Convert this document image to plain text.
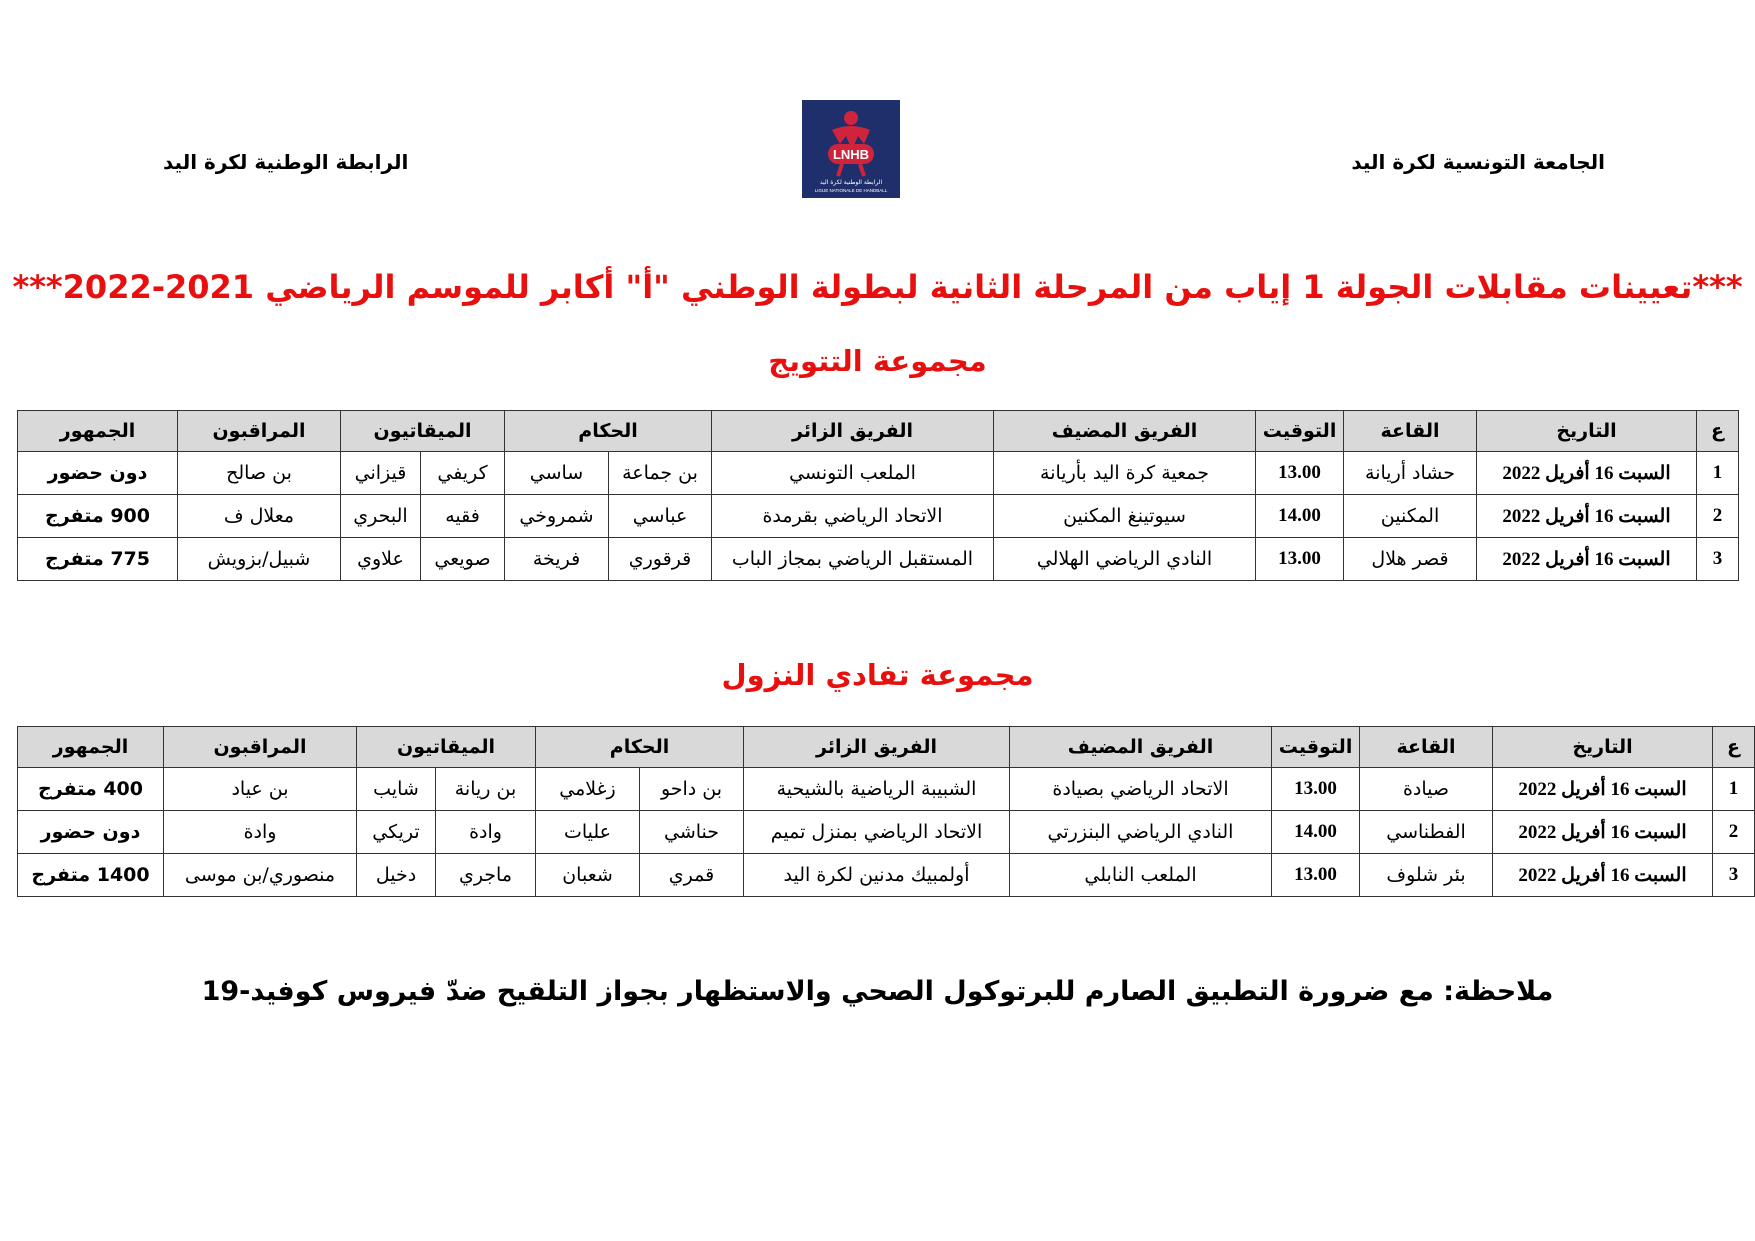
الجامعة التونسية لكرة اليد
LNHB
الرابطة الوطنية لكرة اليد
LIGUE NATIONALE DE HANDBALL
الرابطة الوطنية لكرة اليد
***تعيينات مقابلات الجولة 1 إياب من المرحلة الثانية لبطولة الوطني "أ" أكابر للموسم الرياضي 2021-2022***
مجموعة التتويج
ع	التاريخ	القاعة	التوقيت	الفريق المضيف	الفريق الزائر	الحكام		الميقاتيون		المراقبون	الجمهور
1	السبت 16 أفريل 2022	حشاد أريانة	13.00	جمعية كرة اليد بأريانة	الملعب التونسي	بن جماعة	ساسي	كريفي	قيزاني	بن صالح	دون حضور
2	السبت 16 أفريل 2022	المكنين	14.00	سيوتينغ المكنين	الاتحاد الرياضي بقرمدة	عباسي	شمروخي	فقيه	البحري	معلال ف	900 متفرج
3	السبت 16 أفريل 2022	قصر هلال	13.00	النادي الرياضي الهلالي	المستقبل الرياضي بمجاز الباب	قرقوري	فريخة	صويعي	علاوي	شبيل/بزويش	775 متفرج
مجموعة تفادي النزول
ع	التاريخ	القاعة	التوقيت	الفريق المضيف	الفريق الزائر	الحكام		الميقاتيون		المراقبون	الجمهور
1	السبت 16 أفريل 2022	صيادة	13.00	الاتحاد الرياضي بصيادة	الشبيبة الرياضية بالشيحية	بن داحو	زغلامي	بن ريانة	شايب	بن عياد	400 متفرج
2	السبت 16 أفريل 2022	الفطناسي	14.00	النادي الرياضي البنزرتي	الاتحاد الرياضي بمنزل تميم	حناشي	عليات	وادة	تريكي	وادة	دون حضور
3	السبت 16 أفريل 2022	بئر شلوف	13.00	الملعب النابلي	أولمبيك مدنين لكرة اليد	قمري	شعبان	ماجري	دخيل	منصوري/بن موسى	1400 متفرج
ملاحظة: مع ضرورة التطبيق الصارم للبرتوكول الصحي والاستظهار بجواز التلقيح ضدّ فيروس كوفيد-19
